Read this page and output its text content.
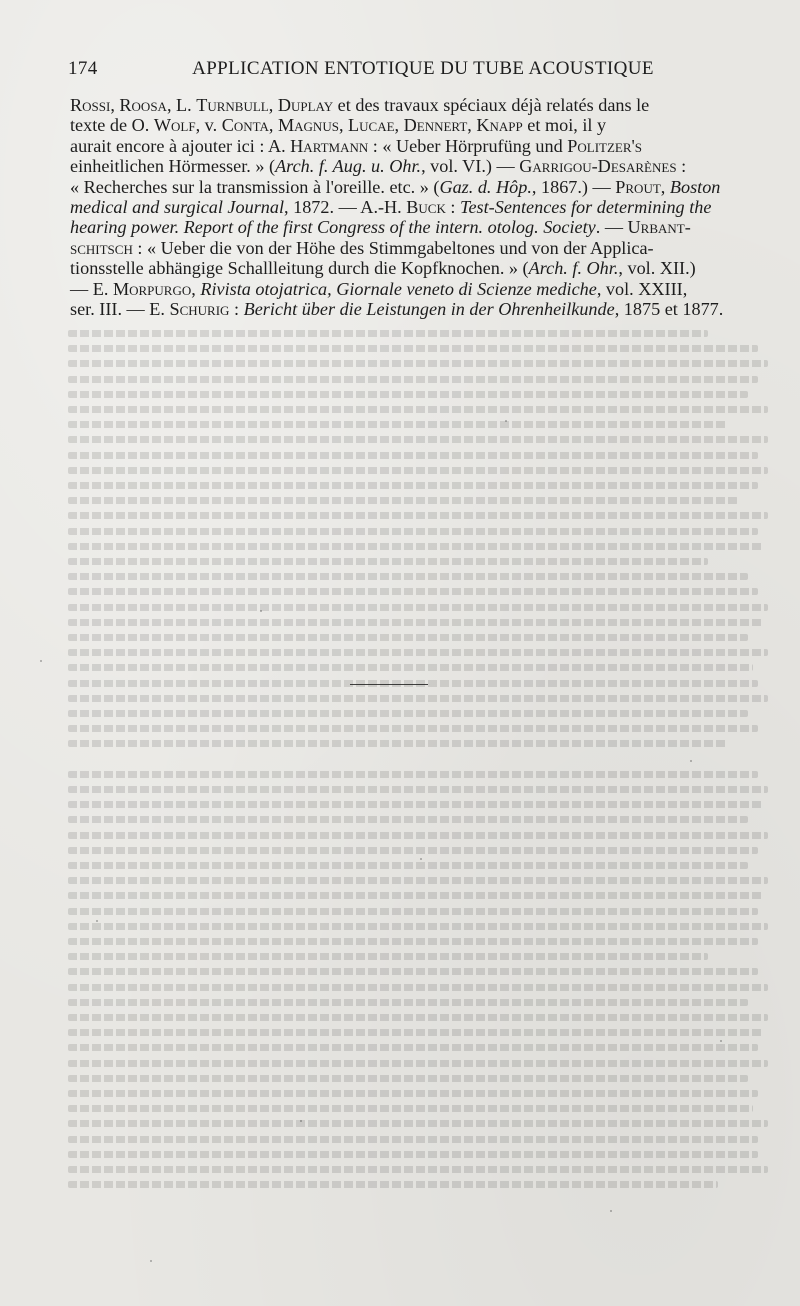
174	APPLICATION ENTOTIQUE DU TUBE ACOUSTIQUE
Rossi, Roosa, L. Turnbull, Duplay et des travaux spéciaux déjà relatés dans le
texte de O. Wolf, v. Conta, Magnus, Lucae, Dennert, Knapp et moi, il y
aurait encore à ajouter ici : A. Hartmann : « Ueber Hörprufüng und Politzer's
einheitlichen Hörmesser. » (Arch. f. Aug. u. Ohr., vol. VI.) — Garrigou-Desarènes :
« Recherches sur la transmission à l'oreille. etc. » (Gaz. d. Hôp., 1867.) — Prout, Boston
medical and surgical Journal, 1872. — A.-H. Buck : Test-Sentences for determining the
hearing power. Report of the first Congress of the intern. otolog. Society. — Urbant-
schitsch : « Ueber die von der Höhe des Stimmgabeltones und von der Applica-
tionsstelle abhängige Schallleitung durch die Kopfknochen. » (Arch. f. Ohr., vol. XII.)
— E. Morpurgo, Rivista otojatrica, Giornale veneto di Scienze mediche, vol. XXIII,
ser. III. — E. Schurig : Bericht über die Leistungen in der Ohrenheilkunde, 1875 et 1877.
